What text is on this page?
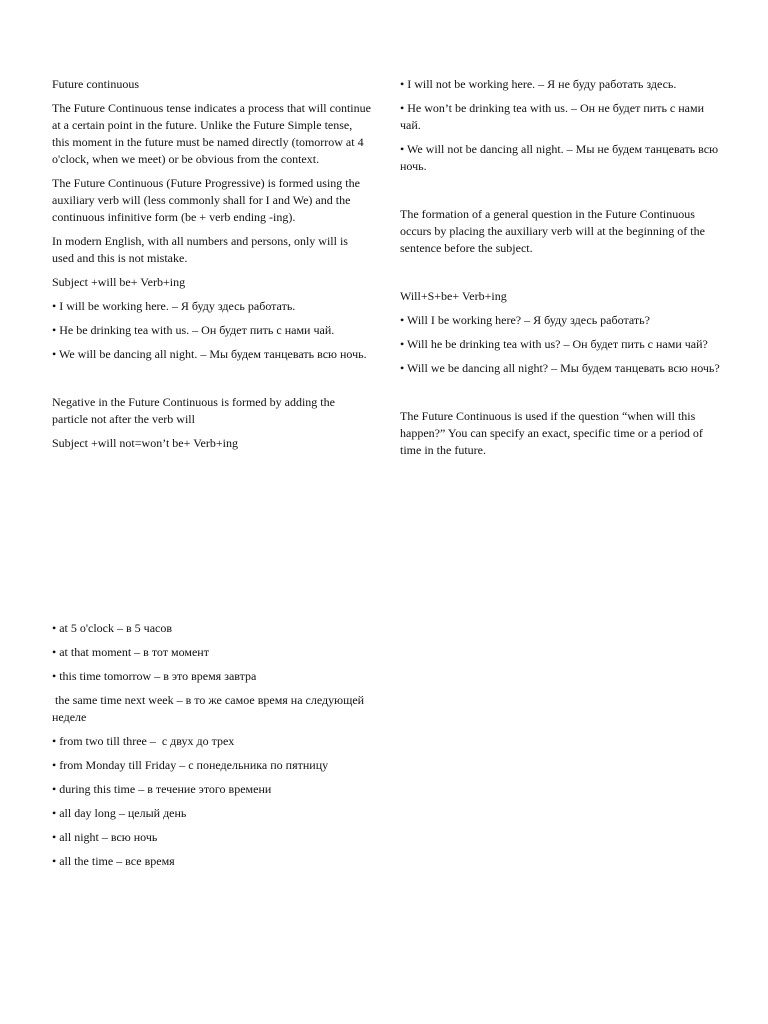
Future continuous

The Future Continuous tense indicates a process that will continue at a certain point in the future. Unlike the Future Simple tense, this moment in the future must be named directly (tomorrow at 4 o'clock, when we meet) or be obvious from the context.

The Future Continuous (Future Progressive) is formed using the auxiliary verb will (less commonly shall for I and We) and the continuous infinitive form (be + verb ending -ing).

In modern English, with all numbers and persons, only will is used and this is not mistake.

Subject +will be+ Verb+ing

• I will be working here. – Я буду здесь работать.

• He be drinking tea with us. – Он будет пить с нами чай.

• We will be dancing all night. – Мы будем танцевать всю ночь.

Negative in the Future Continuous is formed by adding the particle not after the verb will

Subject +will not=won’t be+ Verb+ing

• I will not be working here. – Я не буду работать здесь.

• He won’t be drinking tea with us. – Он не будет пить с нами чай.

• We will not be dancing all night. – Мы не будем танцевать всю ночь.

The formation of a general question in the Future Continuous occurs by placing the auxiliary verb will at the beginning of the sentence before the subject.

Will+S+be+ Verb+ing

• Will I be working here? – Я буду здесь работать?

• Will he be drinking tea with us? – Он будет пить с нами чай?

• Will we be dancing all night? – Мы будем танцевать всю ночь?

The Future Continuous is used if the question “when will this happen?” You can specify an exact, specific time or a period of time in the future.

• at 5 o'clock – в 5 часов

• at that moment – в тот момент

• this time tomorrow – в это время завтра

the same time next week – в то же самое время на следующей неделе

• from two till three –  с двух до трех

• from Monday till Friday – с понедельника по пятницу

• during this time – в течение этого времени

• all day long – целый день

• all night – всю ночь

• all the time – все время
